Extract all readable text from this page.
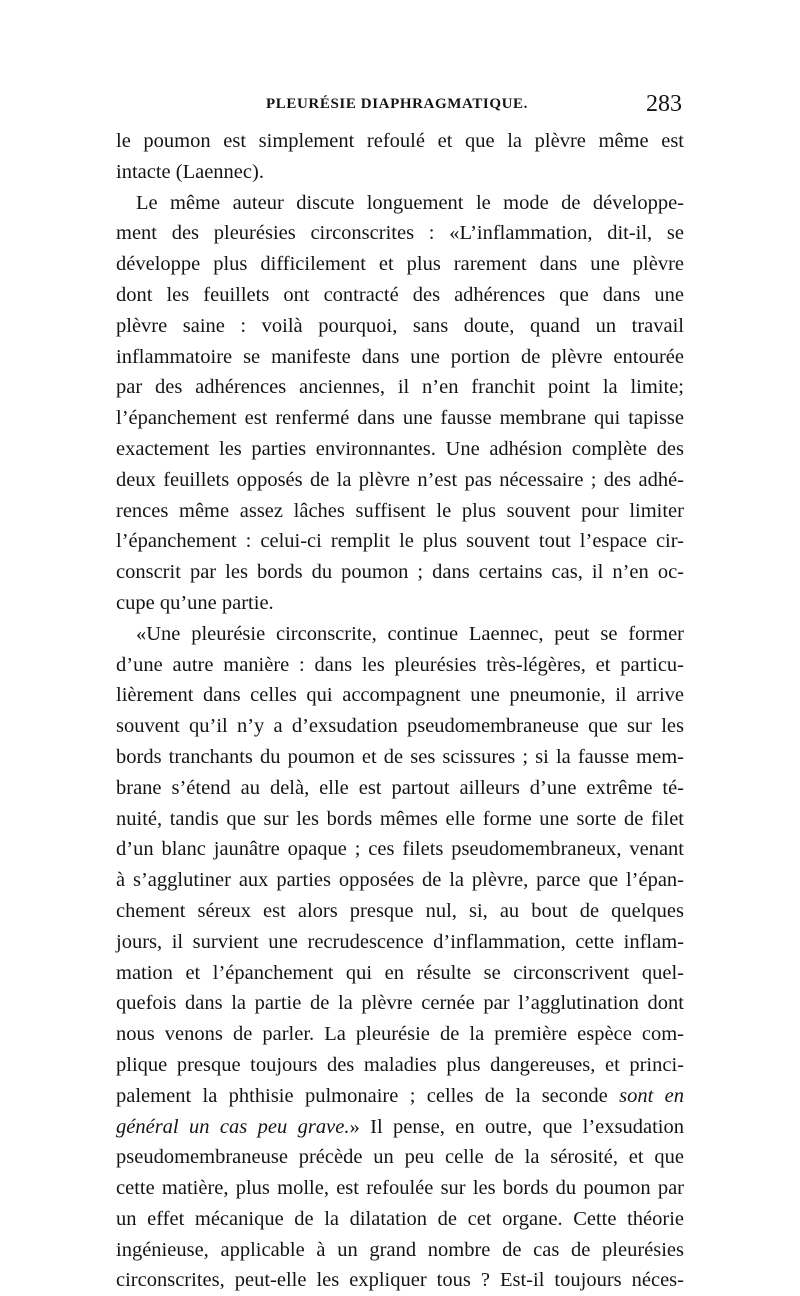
PLEURÉSIE DIAPHRAGMATIQUE.	283
le poumon est simplement refoulé et que la plèvre même est
intacte (Laennec).
Le même auteur discute longuement le mode de développe-
ment des pleurésies circonscrites : «L’inflammation, dit-il, se
développe plus difficilement et plus rarement dans une plèvre
dont les feuillets ont contracté des adhérences que dans une
plèvre saine : voilà pourquoi, sans doute, quand un travail
inflammatoire se manifeste dans une portion de plèvre entourée
par des adhérences anciennes, il n’en franchit point la limite;
l’épanchement est renfermé dans une fausse membrane qui tapisse
exactement les parties environnantes. Une adhésion complète des
deux feuillets opposés de la plèvre n’est pas nécessaire ; des adhé-
rences même assez lâches suffisent le plus souvent pour limiter
l’épanchement : celui-ci remplit le plus souvent tout l’espace cir-
conscrit par les bords du poumon ; dans certains cas, il n’en oc-
cupe qu’une partie.
«Une pleurésie circonscrite, continue Laennec, peut se former
d’une autre manière : dans les pleurésies très-légères, et particu-
lièrement dans celles qui accompagnent une pneumonie, il arrive
souvent qu’il n’y a d’exsudation pseudomembraneuse que sur les
bords tranchants du poumon et de ses scissures ; si la fausse mem-
brane s’étend au delà, elle est partout ailleurs d’une extrême té-
nuité, tandis que sur les bords mêmes elle forme une sorte de filet
d’un blanc jaunâtre opaque ; ces filets pseudomembraneux, venant
à s’agglutiner aux parties opposées de la plèvre, parce que l’épan-
chement séreux est alors presque nul, si, au bout de quelques
jours, il survient une recrudescence d’inflammation, cette inflam-
mation et l’épanchement qui en résulte se circonscrivent quel-
quefois dans la partie de la plèvre cernée par l’agglutination dont
nous venons de parler. La pleurésie de la première espèce com-
plique presque toujours des maladies plus dangereuses, et princi-
palement la phthisie pulmonaire ; celles de la seconde sont en
général un cas peu grave.» Il pense, en outre, que l’exsudation
pseudomembraneuse précède un peu celle de la sérosité, et que
cette matière, plus molle, est refoulée sur les bords du poumon par
un effet mécanique de la dilatation de cet organe. Cette théorie
ingénieuse, applicable à un grand nombre de cas de pleurésies
circonscrites, peut-elle les expliquer tous ? Est-il toujours néces-
